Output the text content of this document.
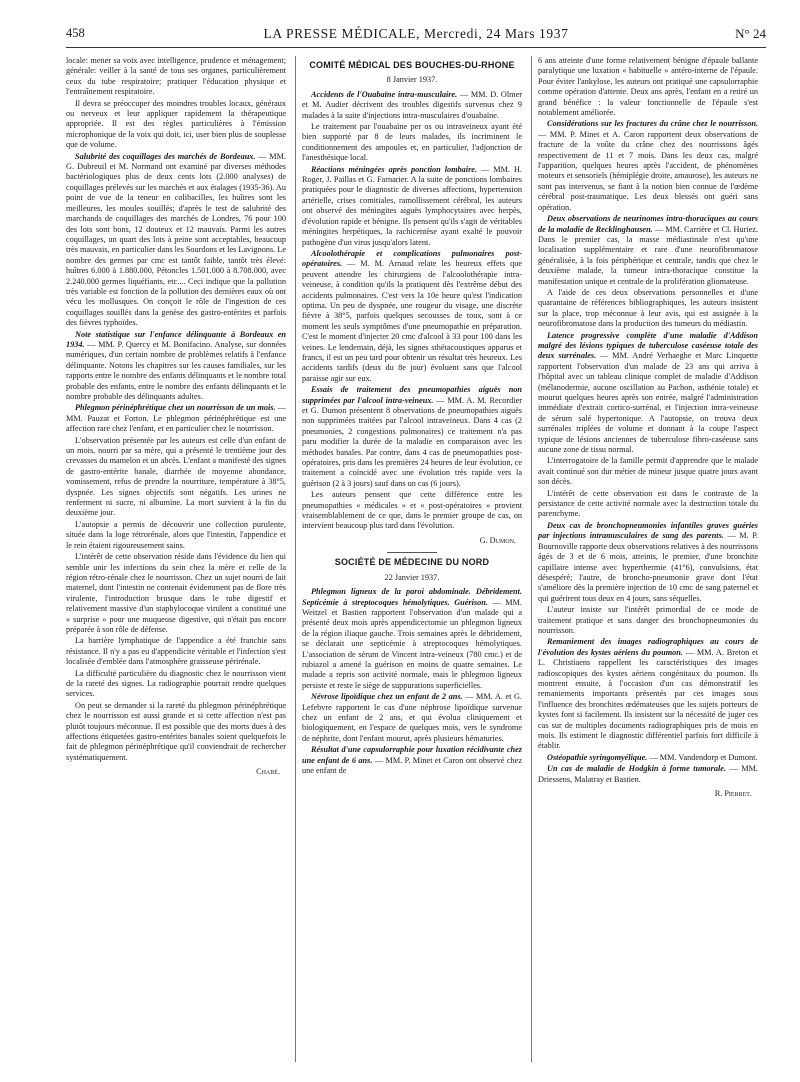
458	LA PRESSE MÉDICALE, Mercredi, 24 Mars 1937	N° 24

locale: mener sa voix avec intelligence, prudence et ménagement; générale: veiller à la santé de tous ses organes, particulièrement ceux du tube respiratoire; pratiquer l'éducation physique et l'entraînement respiratoire.

Il devra se préoccuper des moindres troubles locaux, généraux ou nerveux et leur appliquer rapidement la thérapeutique appropriée. Il est des règles particulières à l'émission microphonique de la voix qui doit, ici, user bien plus de souplesse que de volume.

Salubrité des coquillages des marchés de Bordeaux. — MM. G. Dubreuil et M. Normand ont examiné par diverses méthodes bactériologiques plus de deux cents lots (2.000 analyses) de coquillages prélevés sur les marchés et aux étalages (1935-36). Au point de vue de la teneur en colibacilles, les huîtres sont les meilleures, les moules souillés; d'après le test de salubrité des marchands de coquillages des marchés de Londres, 76 pour 100 des lots sont bons, 12 douteux et 12 mauvais. Parmi les autres coquillages, un quart des lots à peine sont acceptables, beaucoup très mauvais, en particulier dans les Sourdons et les Lavignons. Le nombre des germes par cmc est tantôt faible, tantôt très élevé: huîtres 6.000 à 1.880.000, Pétoncles 1.501.000 à 8.708.000, avec 2.240.000 germes liquéfiants, etc.... Ceci indique que la pollution très variable est fonction de la pollution des dernières eaux où ont vécu les mollusques. On conçoit le rôle de l'ingestion de ces coquillages souillés dans la genèse des gastro-entérites et parfois des fièvres typhoïdes.

Note statistique sur l'enfance délinquante à Bordeaux en 1934. — MM. P. Quercy et M. Bonifacino. Analyse, sur données numériques, d'un certain nombre de problèmes relatifs à l'enfance délinquante. Notons les chapitres sur les causes familiales, sur les rapports entre le nombre des enfants délinquants et le nombre total probable des enfants, entre le nombre des enfants délinquants et le nombre probable des délinquants adultes.

Phlegmon périnéphrétique chez un nourrisson de un mois. — MM. Pauzat et Forton. Le phlegmon périnéphrétique est une affection rare chez l'enfant, et en particulier chez le nourrisson.

L'observation présentée par les auteurs est celle d'un enfant de un mois, nourri par sa mère, qui a présenté le trentième jour des crevasses du mamelon et un abcès. L'enfant a manifesté des signes de gastro-entérite banale, diarrhée de moyenne abondance, vomissement, refus de prendre la nourriture, température à 38°5, dyspnée. Les signes objectifs sont négatifs. Les urines ne renferment ni sucre, ni albumine. La mort survient à la fin du deuxième jour.

L'autopsie a permis de découvrir une collection purulente, située dans la loge rétrorénale, alors que l'intestin, l'appendice et le rein étaient rigoureusement sains.

L'intérêt de cette observation réside dans l'évidence du lien qui semble unir les infections du sein chez la mère et celle de la région rétro-rénale chez le nourrisson. Chez un sujet nourri de lait maternel, dont l'intestin ne contenait évidemment pas de flore très virulente, l'introduction brusque dans le tube digestif et relativement massive d'un staphylocoque virulent a constitué une « surprise » pour une muqueuse digestive, qui n'était pas encore préparée à son rôle de défense.

La barrière lymphatique de l'appendice a été franchie sans résistance. Il n'y a pas eu d'appendicite véritable et l'infection s'est localisée d'emblée dans l'atmosphère graisseuse périrénale.

La difficulté particulière du diagnostic chez le nourrisson vient de la rareté des signes. La radiographie pourrait rendre quelques services.

On peut se demander si la rareté du phlegmon périnéphrétique chez le nourrisson est aussi grande et si cette affection n'est pas plutôt toujours méconnue. Il est possible que des morts dues à des affections étiquetées gastro-entérites banales soient quelquefois le fait de phlegmon périnéphrétique qu'il conviendrait de rechercher systématiquement.

Chabé.

COMITÉ MÉDICAL DES BOUCHES-DU-RHONE

8 Janvier 1937.

Accidents de l'Ouabaïne intra-musculaire. — MM. D. Olmer et M. Audier décrivent des troubles digestifs survenus chez 9 malades à la suite d'injections intra-musculaires d'ouabaïne.

Le traitement par l'ouabaïne per os ou intraveineux ayant été bien supporté par 8 de leurs malades, ils incriminent le conditionnement des ampoules et, en particulier, l'adjonction de l'anesthésique local.

Réactions méningées après ponction lombaire. — MM. H. Roger, J. Paillas et G. Farnarier. A la suite de ponctions lombaires pratiquées pour le diagnostic de diverses affections, hypertension artérielle, crises comitiales, ramollissement cérébral, les auteurs ont observé des méningites aiguës lymphocytaires avec herpès, d'évolution rapide et bénigne. Ils pensent qu'ils s'agit de véritables méningites herpétiques, la rachicentèse ayant exalté le pouvoir pathogène d'un virus jusqu'alors latent.

Alcoolothérapie et complications pulmonaires post-opératoires. — M. M. Arnaud relate les heureux effets que peuvent attendre les chirurgiens de l'alcoolothérapie intra-veineuse, à condition qu'ils la pratiquent dès l'extrême début des accidents pulmonaires. C'est vers la 10e heure qu'est l'indication optima. Un peu de dyspnée, une rougeur du visage, une discrète fièvre à 38°5, parfois quelques secousses de toux, sont à ce moment les seuls symptômes d'une pneumopathie en préparation. C'est le moment d'injecter 20 cmc d'alcool à 33 pour 100 dans les veines. Le lendemain, déjà, les signes sthétacoustiques apparus et francs, il est un peu tard pour obtenir un résultat très heureux. Les accidents tardifs (deux du 8e jour) évoluent sans que l'alcool paraisse agir sur eux.

Essais de traitement des pneumopathies aiguës non supprimées par l'alcool intra-veineux. — MM. A. M. Recordier et G. Dumon présentent 8 observations de pneumopathies aiguës non supprimées traitées par l'alcool intraveineux. Dans 4 cas (2 pneumonies, 2 congestions pulmonaires) ce traitement n'a pas paru modifier la durée de la maladie en comparaison avec les méthodes banales. Par contre, dans 4 cas de pneumopathies post-opératoires, pris dans les premières 24 heures de leur évolution, ce traitement a coïncidé avec une évolution très rapide vers la guérison (2 à 3 jours) sauf dans un cas (6 jours).

Les auteurs pensent que cette différence entre les pneumopathies « médicales » et « post-opératoires » provient vraisemblablement de ce que, dans le premier groupe de cas, on intervient beaucoup plus tard dans l'évolution.

G. Dumon.

SOCIÉTÉ DE MÉDECINE DU NORD

22 Janvier 1937.

Phlegmon ligneux de la paroi abdominale. Débridement. Septicémie à streptocoques hémolytiques. Guérison. — MM. Weitzel et Bastien rapportent l'observation d'un malade qui a présenté deux mois après appendicectomie un phlegmon ligneux de la région iliaque gauche. Trois semaines après le débridement, se déclarait une septicémie à streptocoques hémolytiques. L'association de sérum de Vincent intra-veineux (780 cmc.) et de rubiazol a amené la guérison en moins de quatre semaines. Le malade a repris son activité normale, mais le phlegmon ligneux persiste et reste le siège de suppurations superficielles.

Névrose lipoïdique chez un enfant de 2 ans. — MM. A. et G. Lefebvre rapportent le cas d'une néphrose lipoïdique survenue chez un enfant de 2 ans, et qui évolua cliniquement et biologiquement, en l'espace de quelques mois, vers le syndrome de néphrite, dont l'enfant mourut, après plusieurs hématuries.

Résultat d'une capsulorraphie pour luxation récidivante chez une enfant de 6 ans. — MM. P. Minet et Caron ont observé chez une enfant de

6 ans atteinte d'une forme relativement bénigne d'épaule ballante paralytique une luxation « habituelle » antéro-interne de l'épaule. Pour éviter l'ankylose, les auteurs ont pratiqué une capsulorraphie comme opération d'attente. Deux ans après, l'enfant en a retiré un grand bénéfice : la valeur fonctionnelle de l'épaule s'est notablement améliorée.

Considérations sur les fractures du crâne chez le nourrisson. — MM. P. Minet et A. Caron rapportent deux observations de fracture de la voûte du crâne chez des nourrissons âgés respectivement de 11 et 7 mois. Dans les deux cas, malgré l'apparition, quelques heures après l'accident, de phénomènes moteurs et sensoriels (hémiplégie droite, amaurose), les auteurs ne sont pas intervenus, se fiant à la notion bien connue de l'œdème cérébral post-traumatique. Les deux blessés ont guéri sans opération.

Deux observations de neurinomes intra-thoraciques au cours de la maladie de Recklinghausen. — MM. Carrière et Cl. Huriez. Dans le premier cas, la masse médiastinale n'est qu'une localisation supplémentaire et rare d'une neurofibromatose généralisée, à la fois périphérique et centrale, tandis que chez le deuxième malade, la tumeur intra-thoracique constitue la manifestation unique et centrale de la prolifération gliomateuse.

A l'aide de ces deux observations personnelles et d'une quarantaine de références bibliographiques, les auteurs insistent sur la place, trop méconnue à leur avis, qui est assignée à la neurofibromatose dans la production des tumeurs du médiastin.

Latence progressive complète d'une maladie d'Addison malgré des lésions typiques de tuberculose caséeuse totale des deux surrénales. — MM. André Verhaeghe et Marc Linquette rapportent l'observation d'un malade de 23 ans qui arriva à l'hôpital avec un tableau clinique complet de maladie d'Addison (mélanodermie, aucune oscillation au Pachon, asthénie totale) et mourut quelques heures après son entrée, malgré l'administration immédiate d'extrait cortico-surrénal, et l'injection intra-veineuse de sérum salé hypertonique. A l'autopsie, on trouva deux surrénales triplées de volume et donnant à la coupe l'aspect typique de lésions anciennes de tuberculose fibro-caséeuse sans aucune zone de tissu normal.

L'interrogatoire de la famille permit d'apprendre que le malade avait continué son dur métier de mineur jusque quatre jours avant son décès.

L'intérêt de cette observation est dans le contraste de la persistance de cette activité normale avec la destruction totale du parenchyme.

Deux cas de bronchopneumonies infantiles graves guéries par injections intramusculaires de sang des parents. — M. P. Bournoville rapporte deux observations relatives à des nourrissons âgés de 3 et de 6 mois, atteints, le premier, d'une bronchite capillaire intense avec hyperthermie (41°6), convulsions, état désespéré; l'autre, de broncho-pneumonie grave dont l'état s'améliore dès la première injection de 10 cmc de sang paternel et qui guérirent tous deux en 4 jours, sans séquelles.

L'auteur insiste sur l'intérêt primordial de ce mode de traitement pratique et sans danger des bronchopneumonies du nourrisson.

Remaniement des images radiographiques au cours de l'évolution des kystes aériens du poumon. — MM. A. Breton et L. Christiaens rappellent les caractéristiques des images radioscopiques des kystes aériens congénitaux du poumon. Ils montrent ensuite, à l'occasion d'un cas démonstratif les remaniements importants présentés par ces images sous l'influence des bronchites œdémateuses que les sujets porteurs de kystes font si facilement. Ils insistent sur la nécessité de juger ces cas sur de multiples documents radiographiques pris de mois en mois. Ils estiment le diagnostic différentiel parfois fort difficile à établir.

Ostéopathie syringomyélique. — MM. Vandendorp et Dumont.

Un cas de maladie de Hodgkin à forme tumorale. — MM. Driessens, Malatray et Bastien.

R. Pierret.
